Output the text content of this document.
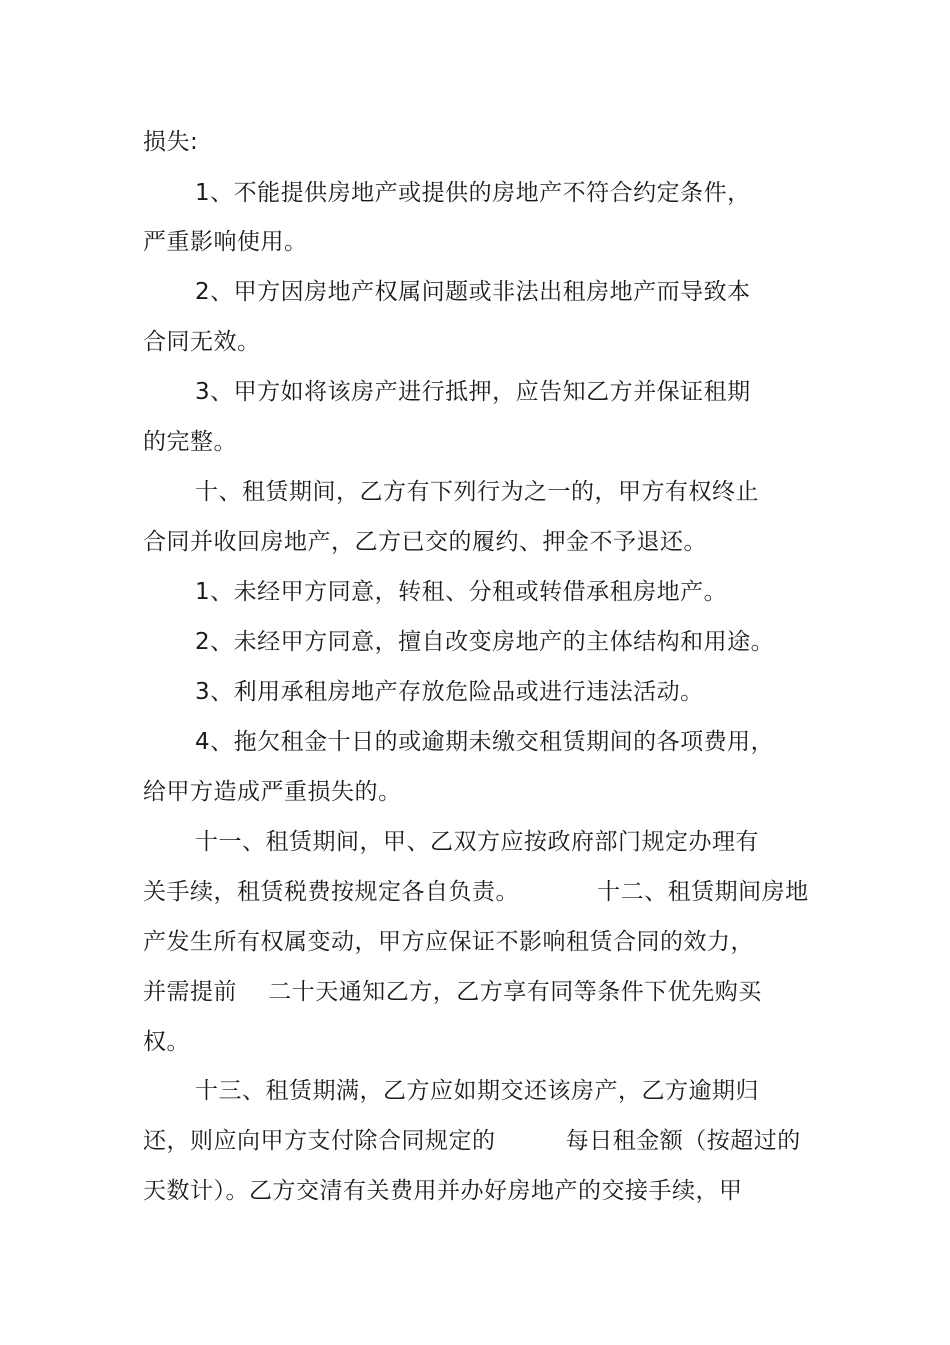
损失:
1、不能提供房地产或提供的房地产不符合约定条件，
严重影响使用。
2、甲方因房地产权属问题或非法出租房地产而导致本
合同无效。
3、甲方如将该房产进行抵押，应告知乙方并保证租期
的完整。
十、租赁期间，乙方有下列行为之一的，甲方有权终止
合同并收回房地产，乙方已交的履约、押金不予退还。
1、未经甲方同意，转租、分租或转借承租房地产。
2、未经甲方同意，擅自改变房地产的主体结构和用途。
3、利用承租房地产存放危险品或进行违法活动。
4、拖欠租金十日的或逾期未缴交租赁期间的各项费用，
给甲方造成严重损失的。
十一、租赁期间，甲、乙双方应按政府部门规定办理有
关手续，租赁税费按规定各自负责。          十二、租赁期间房地
产发生所有权属变动，甲方应保证不影响租赁合同的效力，
并需提前    二十天通知乙方，乙方享有同等条件下优先购买
权。
十三、租赁期满，乙方应如期交还该房产，乙方逾期归
还，则应向甲方支付除合同规定的         每日租金额（按超过的
天数计）。乙方交清有关费用并办好房地产的交接手续，甲
